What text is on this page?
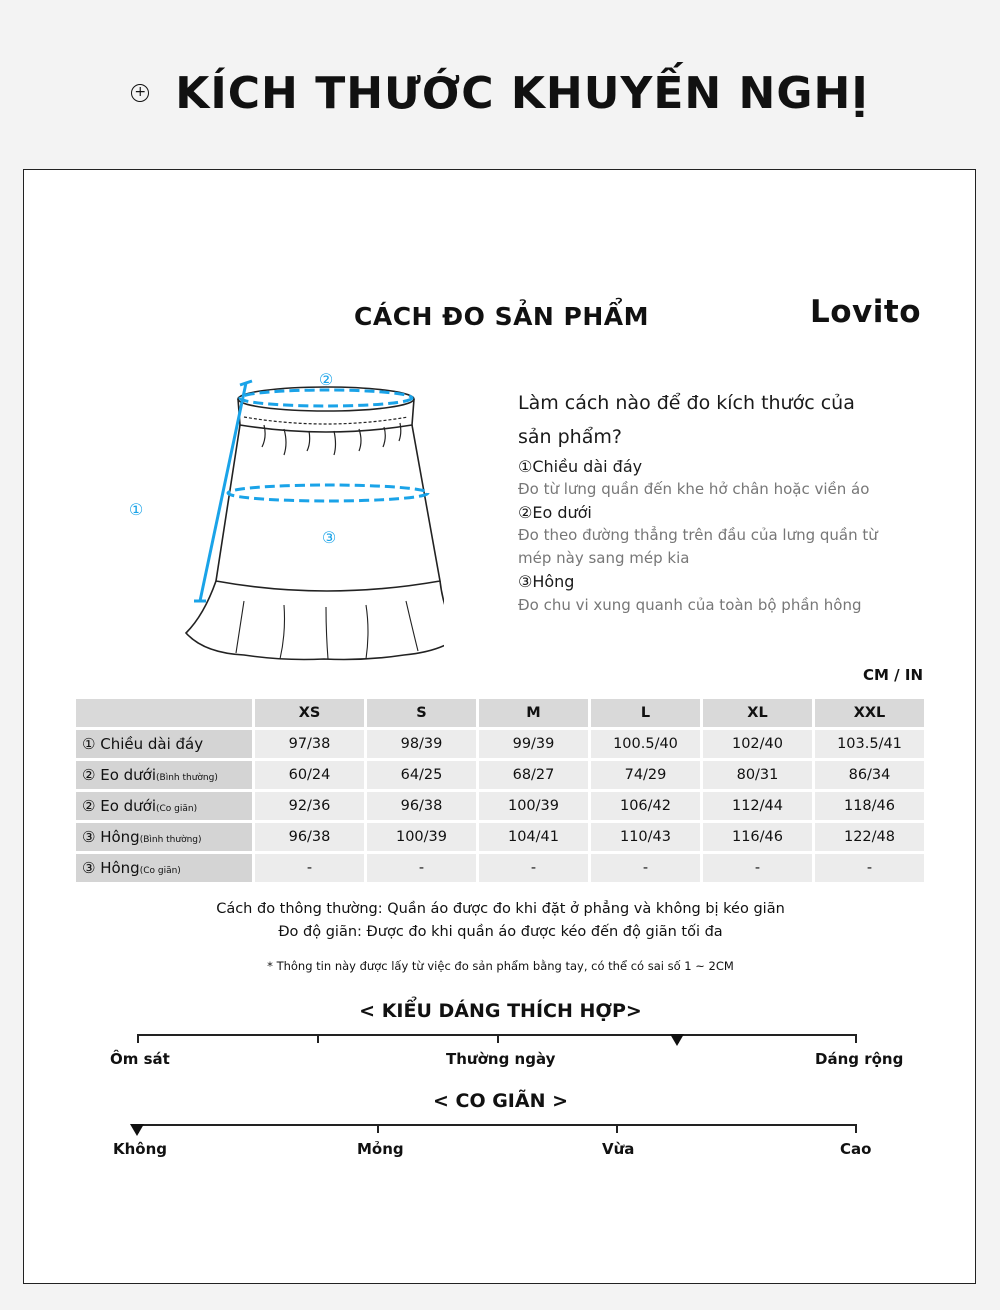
+ KÍCH THƯỚC KHUYẾN NGHỊ
CÁCH ĐO SẢN PHẨM	Lovito
②
③
①
Làm cách nào để đo kích thước của
sản phẩm?
①Chiều dài đáy
Đo từ lưng quần đến khe hở chân hoặc viền áo
②Eo dưới
Đo theo đường thẳng trên đầu của lưng quần từ mép này sang mép kia
③Hông
Đo chu vi xung quanh của toàn bộ phần hông
CM / IN
	XS	S	M	L	XL	XXL
① Chiều dài đáy	97/38	98/39	99/39	100.5/40	102/40	103.5/41
② Eo dưới(Bình thường)	60/24	64/25	68/27	74/29	80/31	86/34
② Eo dưới(Co giãn)	92/36	96/38	100/39	106/42	112/44	118/46
③ Hông(Bình thường)	96/38	100/39	104/41	110/43	116/46	122/48
③ Hông(Co giãn)	-	-	-	-	-	-
Cách đo thông thường: Quần áo được đo khi đặt ở phẳng và không bị kéo giãn
Đo độ giãn: Được đo khi quần áo được kéo đến độ giãn tối đa
* Thông tin này được lấy từ việc đo sản phẩm bằng tay, có thể có sai số 1 ~ 2CM
< KIỂU DÁNG THÍCH HỢP>
Ôm sát	Thường ngày	Dáng rộng
< CO GIÃN >
Không	Mỏng	Vừa	Cao
